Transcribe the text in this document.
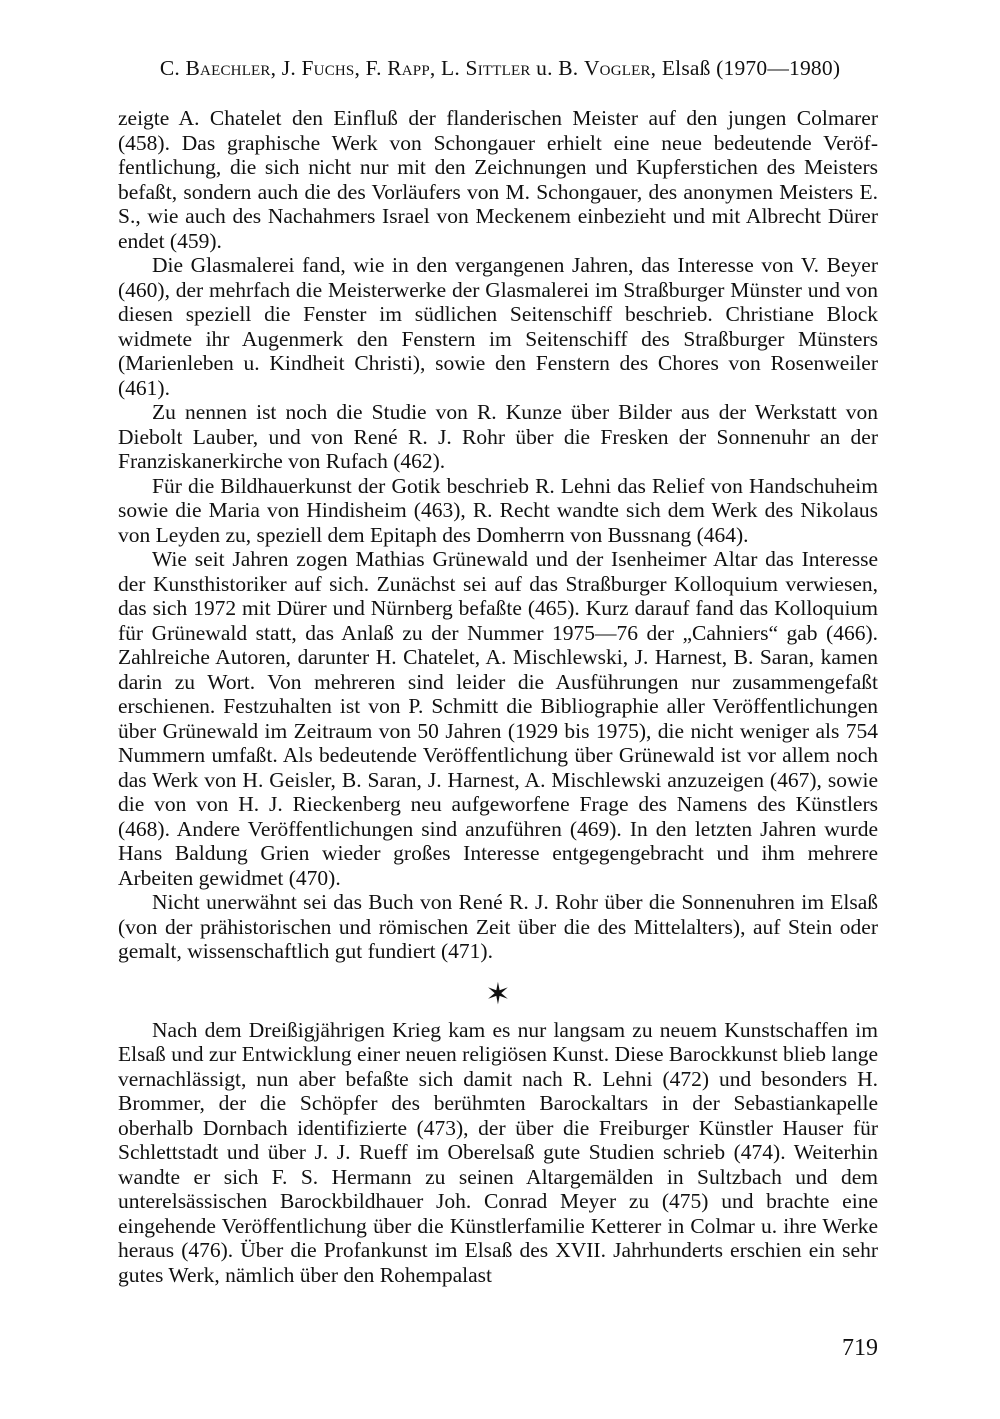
C. Baechler, J. Fuchs, F. Rapp, L. Sittler u. B. Vogler, Elsaß (1970—1980)

zeigte A. Chatelet den Einfluß der flanderischen Meister auf den jungen Colmarer (458). Das graphische Werk von Schongauer erhielt eine neue bedeutende Veröffentlichung, die sich nicht nur mit den Zeichnungen und Kupferstichen des Meisters befaßt, sondern auch die des Vorläufers von M. Schongauer, des anonymen Meisters E. S., wie auch des Nachahmers Israel von Meckenem einbezieht und mit Albrecht Dürer endet (459).

Die Glasmalerei fand, wie in den vergangenen Jahren, das Interesse von V. Beyer (460), der mehrfach die Meisterwerke der Glasmalerei im Straßburger Münster und von diesen speziell die Fenster im südlichen Seitenschiff beschrieb. Christiane Block widmete ihr Augenmerk den Fenstern im Seitenschiff des Straßburger Münsters (Marienleben u. Kindheit Christi), sowie den Fenstern des Chores von Rosenweiler (461).

Zu nennen ist noch die Studie von R. Kunze über Bilder aus der Werkstatt von Diebolt Lauber, und von René R. J. Rohr über die Fresken der Sonnenuhr an der Franziskanerkirche von Rufach (462).

Für die Bildhauerkunst der Gotik beschrieb R. Lehni das Relief von Handschuheim sowie die Maria von Hindisheim (463), R. Recht wandte sich dem Werk des Nikolaus von Leyden zu, speziell dem Epitaph des Domherrn von Bussnang (464).

Wie seit Jahren zogen Mathias Grünewald und der Isenheimer Altar das Interesse der Kunsthistoriker auf sich. Zunächst sei auf das Straßburger Kolloquium verwiesen, das sich 1972 mit Dürer und Nürnberg befaßte (465). Kurz darauf fand das Kolloquium für Grünewald statt, das Anlaß zu der Nummer 1975—76 der „Cahniers“ gab (466). Zahlreiche Autoren, darunter H. Chatelet, A. Mischlewski, J. Harnest, B. Saran, kamen darin zu Wort. Von mehreren sind leider die Ausführungen nur zusammengefaßt erschienen. Festzuhalten ist von P. Schmitt die Bibliographie aller Veröffentlichungen über Grünewald im Zeitraum von 50 Jahren (1929 bis 1975), die nicht weniger als 754 Nummern umfaßt. Als bedeutende Veröffentlichung über Grünewald ist vor allem noch das Werk von H. Geisler, B. Saran, J. Harnest, A. Mischlewski anzuzeigen (467), sowie die von von H. J. Rieckenberg neu aufgeworfene Frage des Namens des Künstlers (468). Andere Veröffentlichungen sind anzuführen (469). In den letzten Jahren wurde Hans Baldung Grien wieder großes Interesse entgegengebracht und ihm mehrere Arbeiten gewidmet (470).

Nicht unerwähnt sei das Buch von René R. J. Rohr über die Sonnenuhren im Elsaß (von der prähistorischen und römischen Zeit über die des Mittelalters), auf Stein oder gemalt, wissenschaftlich gut fundiert (471).

✶

Nach dem Dreißigjährigen Krieg kam es nur langsam zu neuem Kunstschaffen im Elsaß und zur Entwicklung einer neuen religiösen Kunst. Diese Barockkunst blieb lange vernachlässigt, nun aber befaßte sich damit nach R. Lehni (472) und besonders H. Brommer, der die Schöpfer des berühmten Barockaltars in der Sebastiankapelle oberhalb Dornbach identifizierte (473), der über die Freiburger Künstler Hauser für Schlettstadt und über J. J. Rueff im Oberelsaß gute Studien schrieb (474). Weiterhin wandte er sich F. S. Hermann zu seinen Altargemälden in Sultzbach und dem unterelsässischen Barockbildhauer Joh. Conrad Meyer zu (475) und brachte eine eingehende Veröffentlichung über die Künstlerfamilie Ketterer in Colmar u. ihre Werke heraus (476). Über die Profankunst im Elsaß des XVII. Jahrhunderts erschien ein sehr gutes Werk, nämlich über den Rohempalast

719
